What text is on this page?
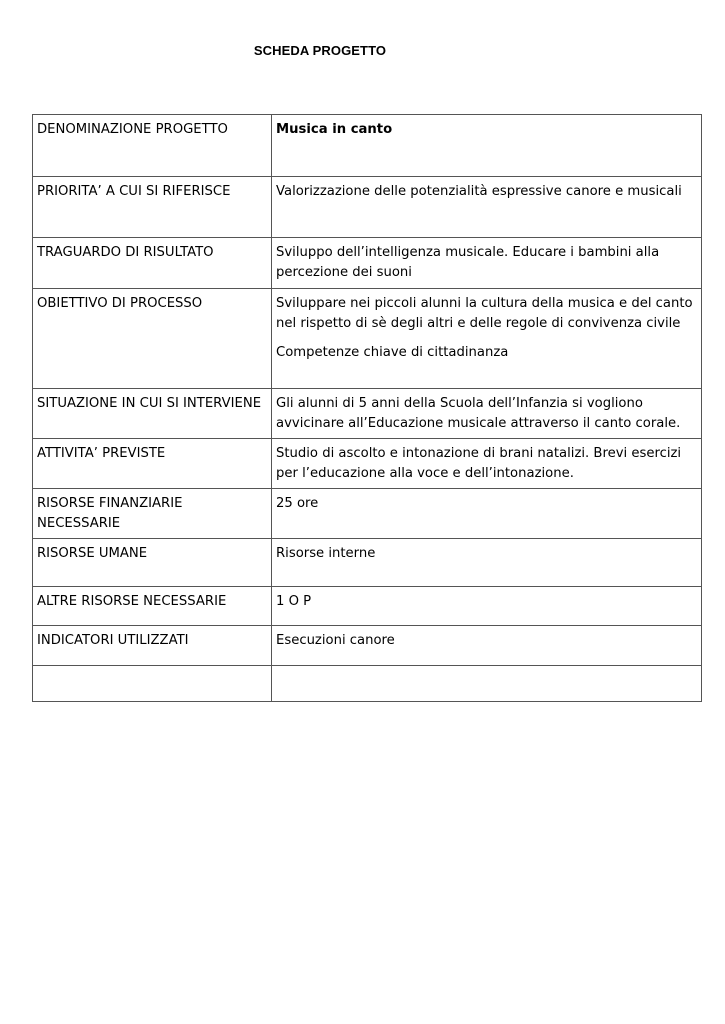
SCHEDA PROGETTO
DENOMINAZIONE PROGETTO	Musica in canto

PRIORITA’ A CUI SI RIFERISCE	Valorizzazione delle potenzialità espressive canore e musicali

TRAGUARDO DI RISULTATO	Sviluppo dell’intelligenza musicale. Educare i bambini alla percezione dei suoni

OBIETTIVO DI PROCESSO	Sviluppare nei piccoli alunni la cultura della musica e del canto nel rispetto di sè degli altri e delle regole di convivenza civile

Competenze chiave di cittadinanza

SITUAZIONE IN CUI SI INTERVIENE	Gli alunni di 5 anni della Scuola dell’Infanzia si vogliono avvicinare all’Educazione musicale attraverso il canto corale.

ATTIVITA’ PREVISTE	Studio di ascolto e intonazione di brani natalizi. Brevi esercizi per l’educazione alla voce e dell’intonazione.

RISORSE FINANZIARIE NECESSARIE	25 ore

RISORSE UMANE	Risorse interne

ALTRE RISORSE NECESSARIE	1 O P

INDICATORI UTILIZZATI	Esecuzioni canore
